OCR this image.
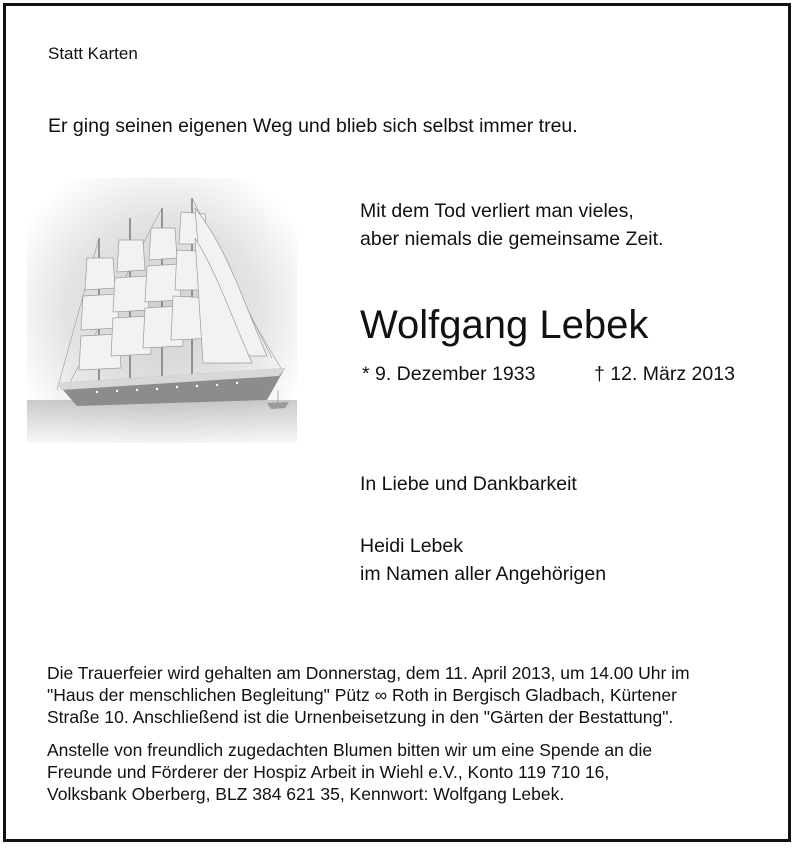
Statt Karten
Er ging seinen eigenen Weg und blieb sich selbst immer treu.
Mit dem Tod verliert man vieles,
aber niemals die gemeinsame Zeit.
Wolfgang Lebek
* 9. Dezember 1933	† 12. März 2013
In Liebe und Dankbarkeit
Heidi Lebek
im Namen aller Angehörigen
Die Trauerfeier wird gehalten am Donnerstag, dem 11. April 2013, um 14.00 Uhr im
"Haus der menschlichen Begleitung" Pütz ∞ Roth in Bergisch Gladbach, Kürtener
Straße 10. Anschließend ist die Urnenbeisetzung in den "Gärten der Bestattung".
Anstelle von freundlich zugedachten Blumen bitten wir um eine Spende an die
Freunde und Förderer der Hospiz Arbeit in Wiehl e.V., Konto 119 710 16,
Volksbank Oberberg, BLZ 384 621 35, Kennwort: Wolfgang Lebek.
